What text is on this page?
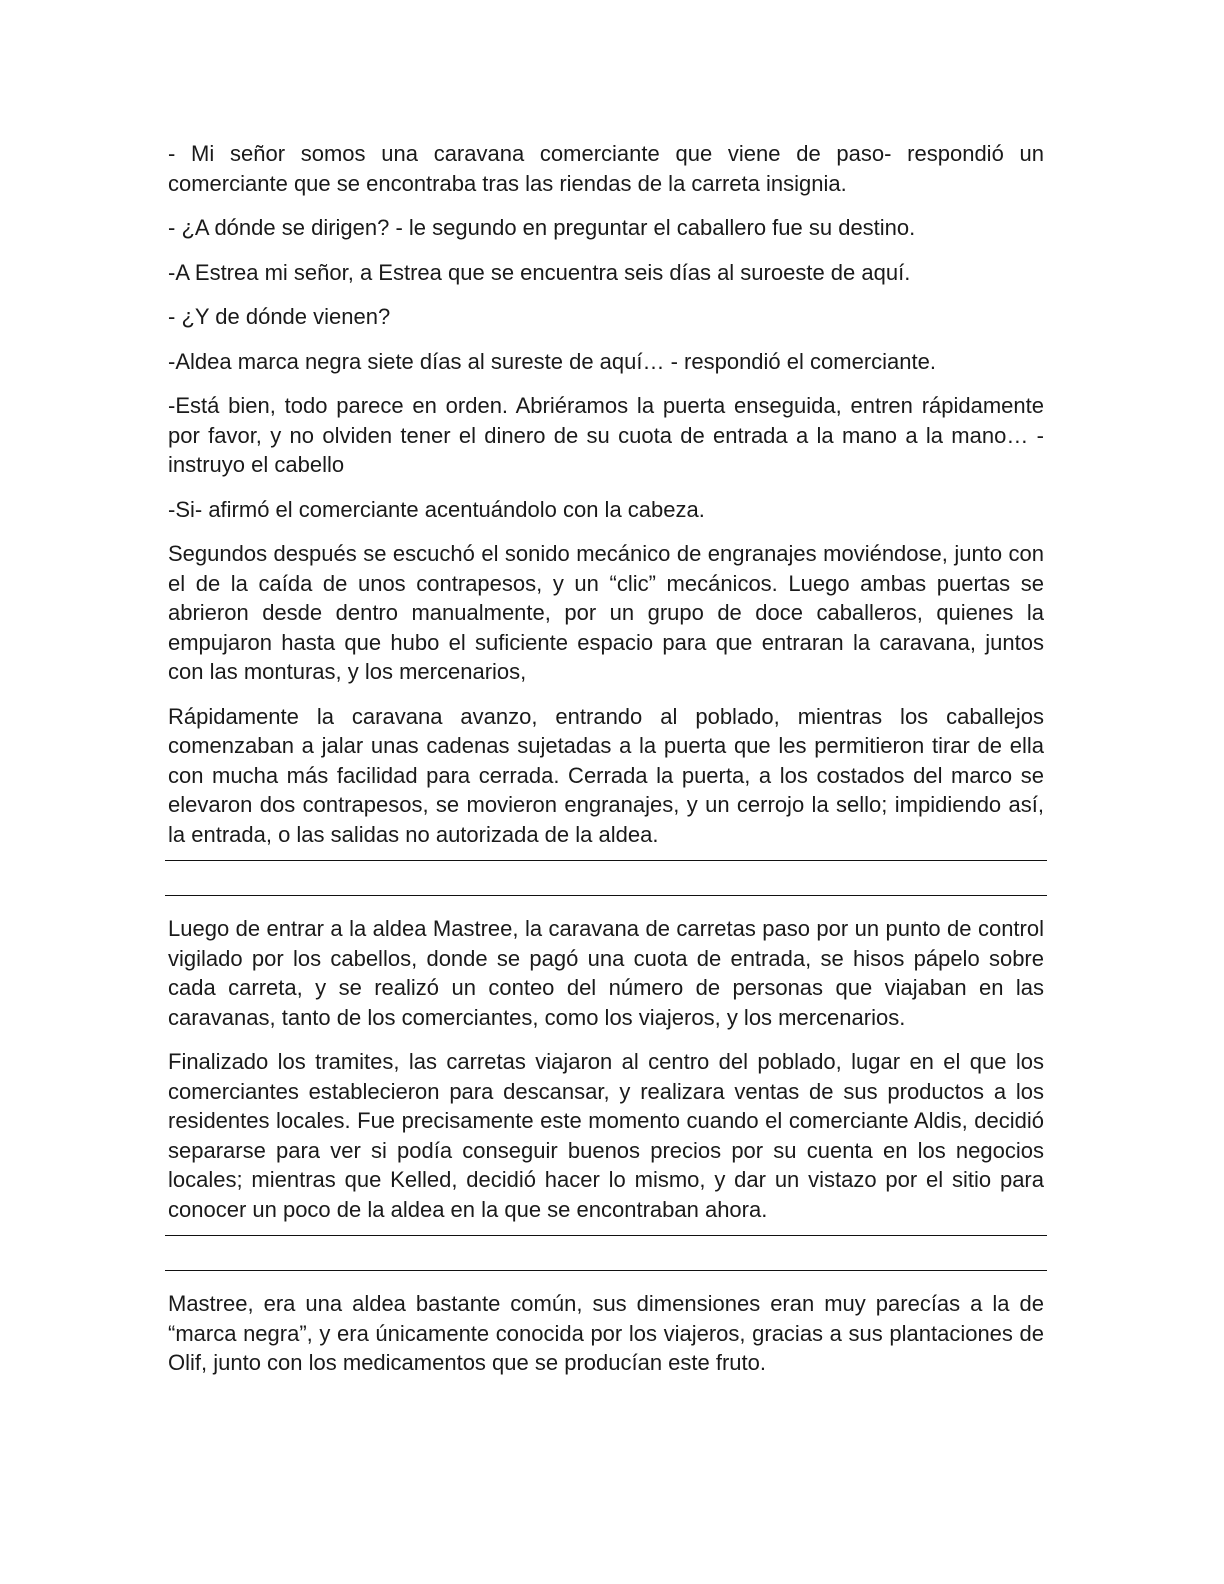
- Mi señor somos una caravana comerciante que viene de paso- respondió un comerciante que se encontraba tras las riendas de la carreta insignia.

- ¿A dónde se dirigen? - le segundo en preguntar el caballero fue su destino.

-A Estrea mi señor, a Estrea que se encuentra seis días al suroeste de aquí.

- ¿Y de dónde vienen?

-Aldea marca negra siete días al sureste de aquí… - respondió el comerciante.

-Está bien, todo parece en orden. Abriéramos la puerta enseguida, entren rápidamente por favor, y no olviden tener el dinero de su cuota de entrada a la mano a la mano… - instruyo el cabello

-Si- afirmó el comerciante acentuándolo con la cabeza.

Segundos después se escuchó el sonido mecánico de engranajes moviéndose, junto con el de la caída de unos contrapesos, y un “clic” mecánicos. Luego ambas puertas se abrieron desde dentro manualmente, por un grupo de doce caballeros, quienes la empujaron hasta que hubo el suficiente espacio para que entraran la caravana, juntos con las monturas, y los mercenarios,

Rápidamente la caravana avanzo, entrando al poblado, mientras los caballejos comenzaban a jalar unas cadenas sujetadas a la puerta que les permitieron tirar de ella con mucha más facilidad para cerrada. Cerrada la puerta, a los costados del marco se elevaron dos contrapesos, se movieron engranajes, y un cerrojo la sello; impidiendo así, la entrada, o las salidas no autorizada de la aldea.

Luego de entrar a la aldea Mastree, la caravana de carretas paso por un punto de control vigilado por los cabellos, donde se pagó una cuota de entrada, se hisos pápelo sobre cada carreta, y se realizó un conteo del número de personas que viajaban en las caravanas, tanto de los comerciantes, como los viajeros, y los mercenarios.

Finalizado los tramites, las carretas viajaron al centro del poblado, lugar en el que los comerciantes establecieron para descansar, y realizara ventas de sus productos a los residentes locales. Fue precisamente este momento cuando el comerciante Aldis, decidió separarse para ver si podía conseguir buenos precios por su cuenta en los negocios locales; mientras que Kelled, decidió hacer lo mismo, y dar un vistazo por el sitio para conocer un poco de la aldea en la que se encontraban ahora.

Mastree, era una aldea bastante común, sus dimensiones eran muy parecías a la de “marca negra”, y era únicamente conocida por los viajeros, gracias a sus plantaciones de Olif, junto con los medicamentos que se producían este fruto.
